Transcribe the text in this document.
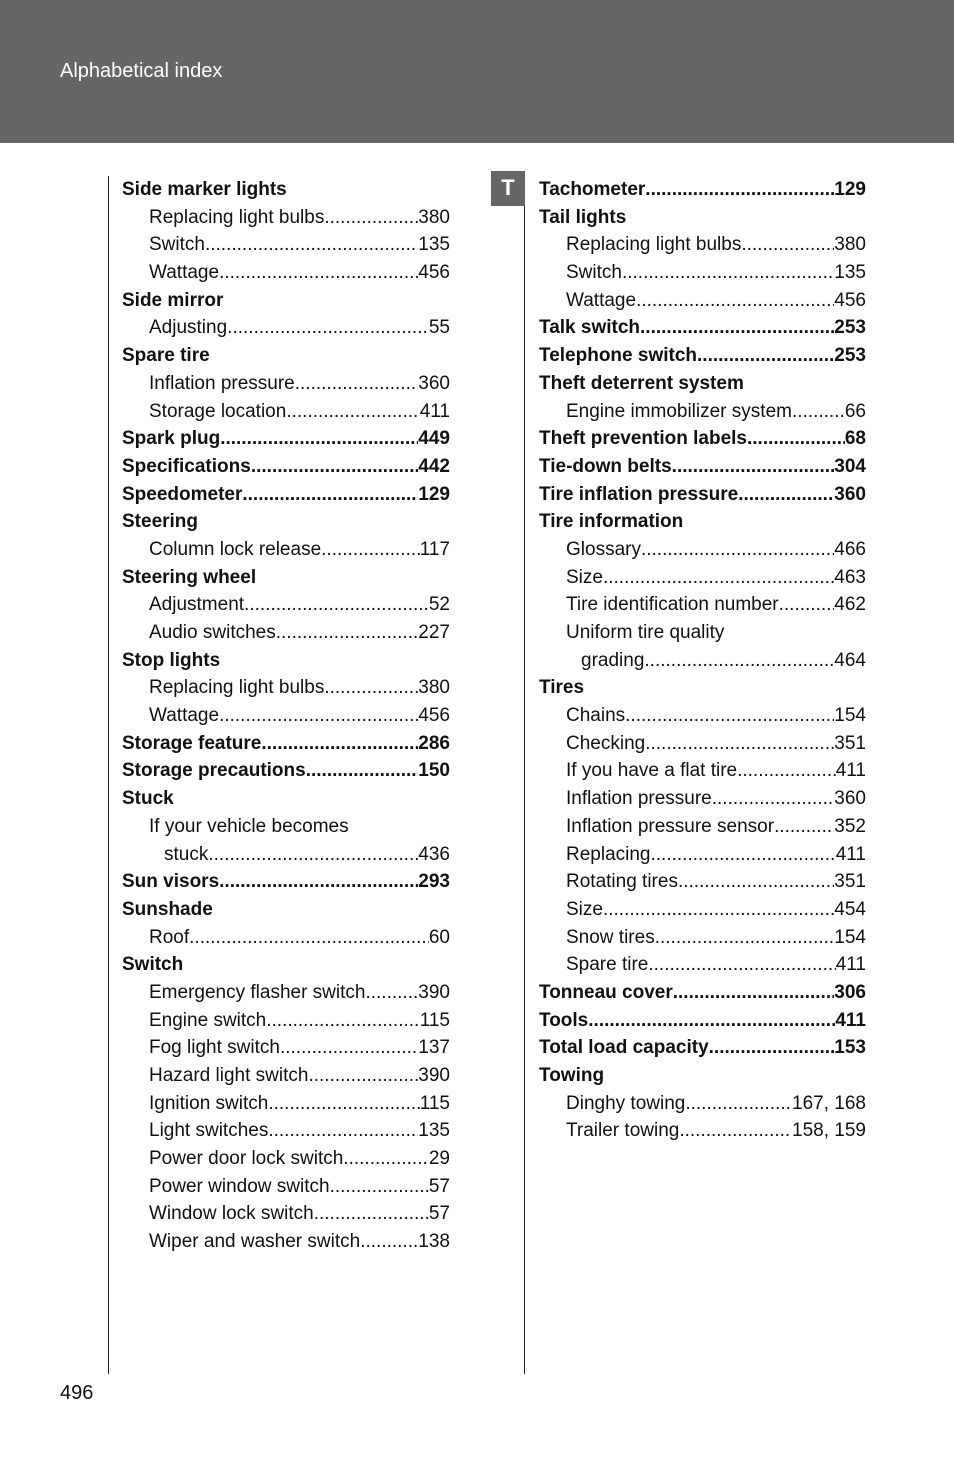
Alphabetical index
T
Side marker lights
Replacing light bulbs .....	380
Switch .....	135
Wattage .....	456
Side mirror
Adjusting .....	55
Spare tire
Inflation pressure .....	360
Storage location .....	411
Spark plug .....	449
Specifications .....	442
Speedometer .....	129
Steering
Column lock release .....	117
Steering wheel
Adjustment .....	52
Audio switches .....	227
Stop lights
Replacing light bulbs .....	380
Wattage .....	456
Storage feature .....	286
Storage precautions .....	150
Stuck
If your vehicle becomes
stuck .....	436
Sun visors .....	293
Sunshade
Roof .....	60
Switch
Emergency flasher switch .....	390
Engine switch .....	115
Fog light switch .....	137
Hazard light switch .....	390
Ignition switch .....	115
Light switches .....	135
Power door lock switch .....	29
Power window switch .....	57
Window lock switch .....	57
Wiper and washer switch .....	138
Tachometer .....	129
Tail lights
Replacing light bulbs .....	380
Switch .....	135
Wattage .....	456
Talk switch .....	253
Telephone switch .....	253
Theft deterrent system
Engine immobilizer system .....	66
Theft prevention labels .....	68
Tie-down belts .....	304
Tire inflation pressure .....	360
Tire information
Glossary .....	466
Size .....	463
Tire identification number .....	462
Uniform tire quality
grading .....	464
Tires
Chains .....	154
Checking .....	351
If you have a flat tire .....	411
Inflation pressure .....	360
Inflation pressure sensor .....	352
Replacing .....	411
Rotating tires .....	351
Size .....	454
Snow tires .....	154
Spare tire .....	411
Tonneau cover .....	306
Tools .....	411
Total load capacity .....	153
Towing
Dinghy towing .....	167, 168
Trailer towing .....	158, 159
496
